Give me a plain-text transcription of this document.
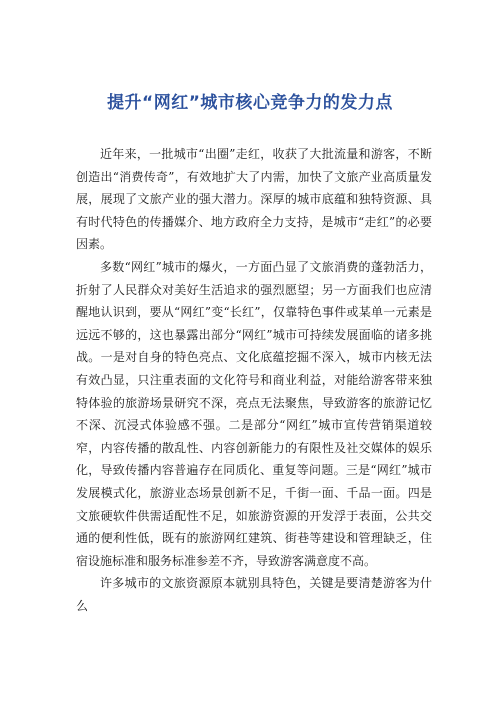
提升“网红”城市核心竞争力的发力点

近年来，一批城市“出圈”走红，收获了大批流量和游客，不断创造出“消费传奇”，有效地扩大了内需，加快了文旅产业高质量发展，展现了文旅产业的强大潜力。深厚的城市底蕴和独特资源、具有时代特色的传播媒介、地方政府全力支持，是城市“走红”的必要因素。

多数“网红”城市的爆火，一方面凸显了文旅消费的蓬勃活力，折射了人民群众对美好生活追求的强烈愿望；另一方面我们也应清醒地认识到，要从“网红”变“长红”，仅靠特色事件或某单一元素是远远不够的，这也暴露出部分“网红”城市可持续发展面临的诸多挑战。一是对自身的特色亮点、文化底蕴挖掘不深入，城市内核无法有效凸显，只注重表面的文化符号和商业利益，对能给游客带来独特体验的旅游场景研究不深，亮点无法聚焦，导致游客的旅游记忆不深、沉浸式体验感不强。二是部分“网红”城市宣传营销渠道较窄，内容传播的散乱性、内容创新能力的有限性及社交媒体的娱乐化，导致传播内容普遍存在同质化、重复等问题。三是“网红”城市发展模式化，旅游业态场景创新不足，千街一面、千品一面。四是文旅硬软件供需适配性不足，如旅游资源的开发浮于表面，公共交通的便利性低，既有的旅游网红建筑、街巷等建设和管理缺乏，住宿设施标准和服务标准参差不齐，导致游客满意度不高。

许多城市的文旅资源原本就别具特色，关键是要清楚游客为什么
